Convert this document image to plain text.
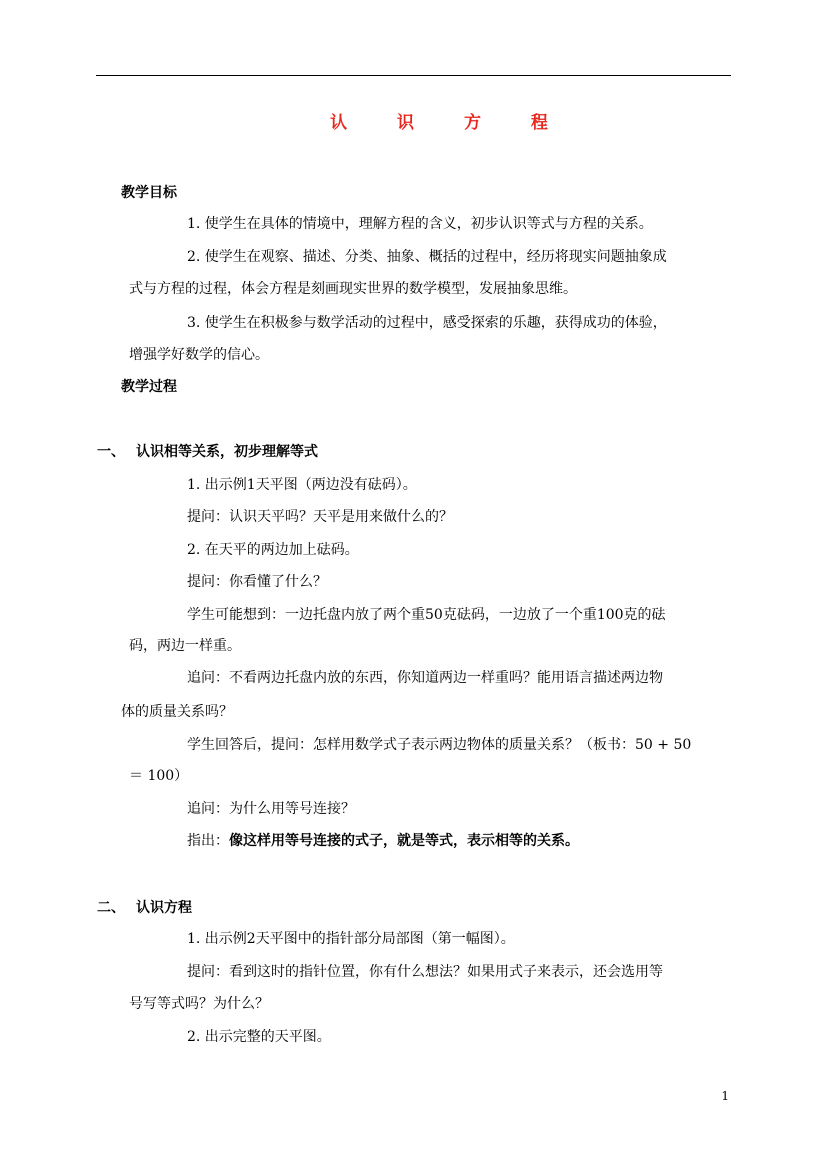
认 识 方 程
教学目标
1. 使学生在具体的情境中，理解方程的含义，初步认识等式与方程的关系。
2. 使学生在观察、描述、分类、抽象、概括的过程中，经历将现实问题抽象成
式与方程的过程，体会方程是刻画现实世界的数学模型，发展抽象思维。
3. 使学生在积极参与数学活动的过程中，感受探索的乐趣，获得成功的体验，
增强学好数学的信心。
教学过程
一、 认识相等关系，初步理解等式
1. 出示例1天平图（两边没有砝码）。
提问：认识天平吗？天平是用来做什么的？
2. 在天平的两边加上砝码。
提问：你看懂了什么？
学生可能想到：一边托盘内放了两个重50克砝码，一边放了一个重100克的砝
码，两边一样重。
追问：不看两边托盘内放的东西，你知道两边一样重吗？能用语言描述两边物
体的质量关系吗？
学生回答后，提问：怎样用数学式子表示两边物体的质量关系？（板书：50 + 50
＝ 100）
追问：为什么用等号连接？
指出：像这样用等号连接的式子，就是等式，表示相等的关系。
二、 认识方程
1. 出示例2天平图中的指针部分局部图（第一幅图）。
提问：看到这时的指针位置，你有什么想法？如果用式子来表示，还会选用等
号写等式吗？为什么？
2. 出示完整的天平图。
1
